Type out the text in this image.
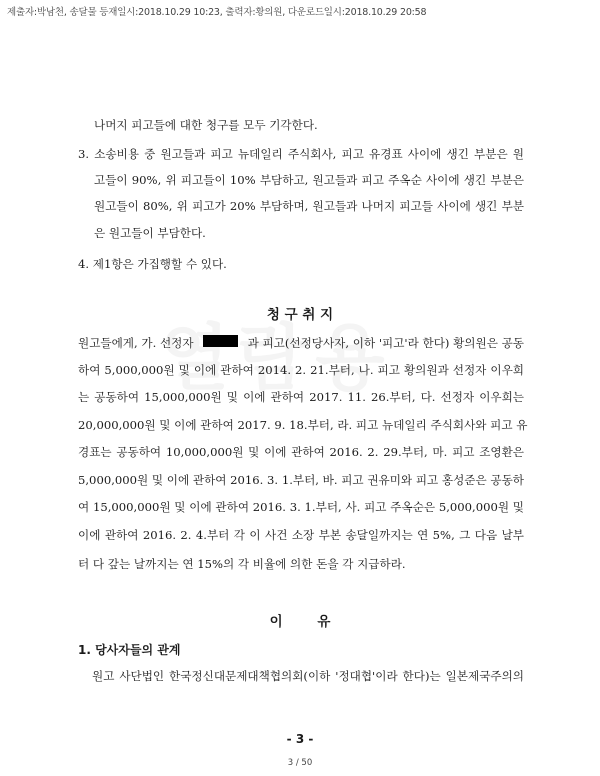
제출자:박남천, 송달물 등재일시:2018.10.29 10:23, 출력자:황의원, 다운로드일시:2018.10.29 20:58
나머지 피고들에 대한 청구를 모두 기각한다.
3. 소송비용 중 원고들과 피고 뉴데일리 주식회사, 피고 유경표 사이에 생긴 부분은 원
고들이 90%, 위 피고들이 10% 부담하고, 원고들과 피고 주옥순 사이에 생긴 부분은
원고들이 80%, 위 피고가 20% 부담하며, 원고들과 나머지 피고들 사이에 생긴 부분
은 원고들이 부담한다.
4. 제1항은 가집행할 수 있다.
청 구 취 지
원고들에게, 가. 선정자	과 피고(선정당사자, 이하 '피고'라 한다) 황의원은 공동
하여 5,000,000원 및 이에 관하여 2014. 2. 21.부터, 나. 피고 황의원과 선정자 이우희
는 공동하여 15,000,000원 및 이에 관하여 2017. 11. 26.부터, 다. 선정자 이우희는
20,000,000원 및 이에 관하여 2017. 9. 18.부터, 라. 피고 뉴데일리 주식회사와 피고 유
경표는 공동하여 10,000,000원 및 이에 관하여 2016. 2. 29.부터, 마. 피고 조영환은
5,000,000원 및 이에 관하여 2016. 3. 1.부터, 바. 피고 권유미와 피고 홍성준은 공동하
여 15,000,000원 및 이에 관하여 2016. 3. 1.부터, 사. 피고 주옥순은 5,000,000원 및
이에 관하여 2016. 2. 4.부터 각 이 사건 소장 부본 송달일까지는 연 5%, 그 다음 날부
터 다 갚는 날까지는 연 15%의 각 비율에 의한 돈을 각 지급하라.
이 유
1. 당사자들의 관계
원고 사단법인 한국정신대문제대책협의회(이하 '정대협'이라 한다)는 일본제국주의의
- 3 -
3 / 50
